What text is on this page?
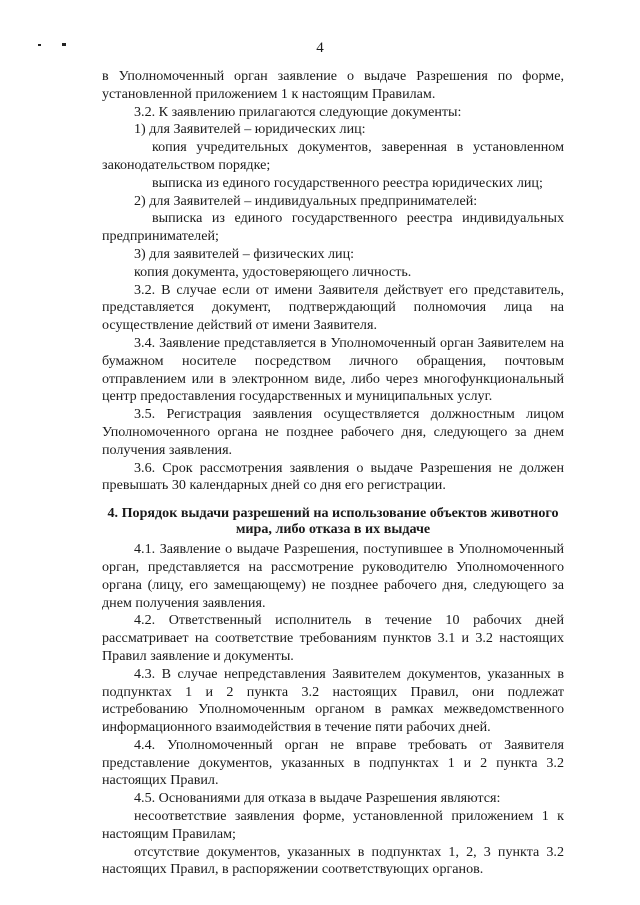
4

в Уполномоченный орган заявление о выдаче Разрешения по форме, установленной приложением 1 к настоящим Правилам.

3.2. К заявлению прилагаются следующие документы:

1) для Заявителей – юридических лиц:

копия учредительных документов, заверенная в установленном законодательством порядке;

выписка из единого государственного реестра юридических лиц;

2) для Заявителей – индивидуальных предпринимателей:

выписка из единого государственного реестра индивидуальных предпринимателей;

3) для заявителей – физических лиц:

копия документа, удостоверяющего личность.

3.2. В случае если от имени Заявителя действует его представитель, представляется документ, подтверждающий полномочия лица на осуществление действий от имени Заявителя.

3.4. Заявление представляется в Уполномоченный орган Заявителем на бумажном носителе посредством личного обращения, почтовым отправлением или в электронном виде, либо через многофункциональный центр предоставления государственных и муниципальных услуг.

3.5. Регистрация заявления осуществляется должностным лицом Уполномоченного органа не позднее рабочего дня, следующего за днем получения заявления.

3.6. Срок рассмотрения заявления о выдаче Разрешения не должен превышать 30 календарных дней со дня его регистрации.

4. Порядок выдачи разрешений на использование объектов животного мира, либо отказа в их выдаче

4.1. Заявление о выдаче Разрешения, поступившее в Уполномоченный орган, представляется на рассмотрение руководителю Уполномоченного органа (лицу, его замещающему) не позднее рабочего дня, следующего за днем получения заявления.

4.2. Ответственный исполнитель в течение 10 рабочих дней рассматривает на соответствие требованиям пунктов 3.1 и 3.2 настоящих Правил заявление и документы.

4.3. В случае непредставления Заявителем документов, указанных в подпунктах 1 и 2 пункта 3.2 настоящих Правил, они подлежат истребованию Уполномоченным органом в рамках межведомственного информационного взаимодействия в течение пяти рабочих дней.

4.4. Уполномоченный орган не вправе требовать от Заявителя представление документов, указанных в подпунктах 1 и 2 пункта 3.2 настоящих Правил.

4.5. Основаниями для отказа в выдаче Разрешения являются:

несоответствие заявления форме, установленной приложением 1 к настоящим Правилам;

отсутствие документов, указанных в подпунктах 1, 2, 3 пункта 3.2 настоящих Правил, в распоряжении соответствующих органов.
